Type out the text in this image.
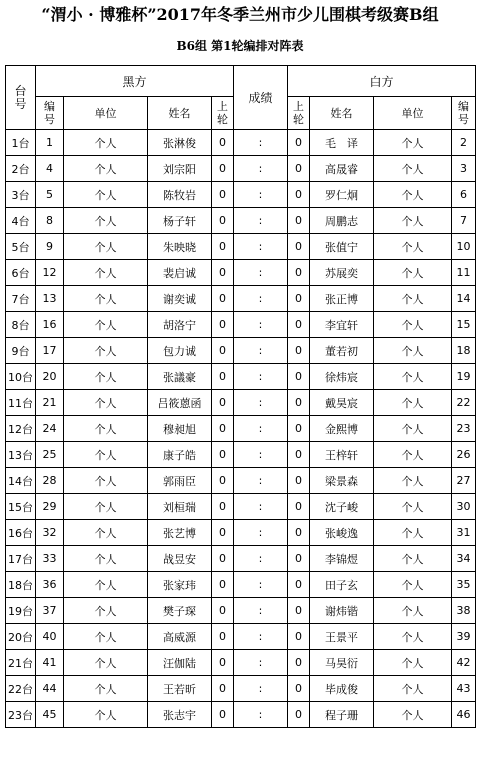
“渭小 · 博雅杯”2017年冬季兰州市少儿围棋考级赛B组
B6组 第1轮编排对阵表
台号	黑方				成绩	白方			
	编号	单位	姓名	上轮		上轮	姓名	单位	编号
1台	1	个人	张淋俊	0	:	0	毛　译	个人	2
2台	4	个人	刘宗阳	0	:	0	高晟睿	个人	3
3台	5	个人	陈牧岩	0	:	0	罗仁炯	个人	6
4台	8	个人	杨子轩	0	:	0	周鹏志	个人	7
5台	9	个人	朱映晓	0	:	0	张值宁	个人	10
6台	12	个人	裴启诚	0	:	0	苏展奕	个人	11
7台	13	个人	谢奕诚	0	:	0	张正博	个人	14
8台	16	个人	胡洛宁	0	:	0	李宜轩	个人	15
9台	17	个人	包力诚	0	:	0	董若初	个人	18
10台	20	个人	张議豪	0	:	0	徐炜宸	个人	19
11台	21	个人	吕筱蒽函	0	:	0	戴昊宸	个人	22
12台	24	个人	穆昶旭	0	:	0	金熙博	个人	23
13台	25	个人	康子皓	0	:	0	王梓轩	个人	26
14台	28	个人	郭雨臣	0	:	0	梁景森	个人	27
15台	29	个人	刘桓瑞	0	:	0	沈子峻	个人	30
16台	32	个人	张艺博	0	:	0	张峻逸	个人	31
17台	33	个人	战昱安	0	:	0	李锦煜	个人	34
18台	36	个人	张家玮	0	:	0	田子玄	个人	35
19台	37	个人	樊子琛	0	:	0	谢炜锴	个人	38
20台	40	个人	高威源	0	:	0	王景平	个人	39
21台	41	个人	汪伽陆	0	:	0	马昊衍	个人	42
22台	44	个人	王若昕	0	:	0	毕成俊	个人	43
23台	45	个人	张志宇	0	:	0	程子珊	个人	46
